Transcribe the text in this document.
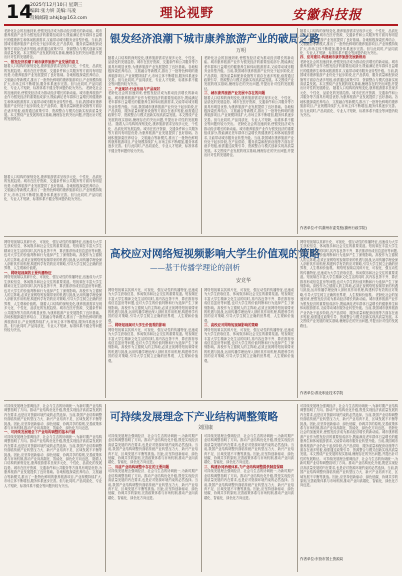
14
2025年12月10日 星期三
编辑:张力妍 美编:马凌
投稿邮箱:ahkjb@163.com	理论视野	安徽科技报
银发经济浪潮下城市康养旅游产业的破局之路
万明
老龄化社会的加速到来,使银发经济成为推动经济增长的新动能。城市康养旅游产业作为银发经济的重要组成部分,既能满足老年群体日益增长的健康养生和休闲旅游需求,又能带动城市服务业转型升级。当前,我国城市康养旅游产业仍处于起步阶段,在产品供给、服务质量和配套设施等方面存在诸多短板,亟需通过政策引导、资源整合与模式创新实现高质量发展。本文围绕产业发展的现实基础,梳理存在的突出问题,并提出针对性的发展路径。
一、银发经济浪潮下城市康养旅游产业发展的意义
随着人口结构的深刻变化,康养旅游需求呈现多元化、个性化、品质化的发展趋势。城市在医疗资源、交通条件和公共服务等方面具有明显优势,为康养旅游产业发展提供了良好基础。各地积极探索医养结合、文旅融合等新模式,推出了一批特色鲜明的康养旅游项目,产业规模持续扩大,市场主体不断增加,服务体系逐步完善。但与此同时,产品同质化、专业人才短缺、标准体系不健全等问题仍较为突出。 老龄化社会的加速到来,使银发经济成为推动经济增长的新动能。城市康养旅游产业作为银发经济的重要组成部分,既能满足老年群体日益增长的健康养生和休闲旅游需求,又能带动城市服务业转型升级。当前,我国城市康养旅游产业仍处于起步阶段,在产品供给、服务质量和配套设施等方面存在诸多短板,亟需通过政策引导、资源整合与模式创新实现高质量发展。本文围绕产业发展的现实基础,梳理存在的突出问题,并提出针对性的发展路径。
随着人口结构的深刻变化,康养旅游需求呈现多元化、个性化、品质化的发展趋势。城市在医疗资源、交通条件和公共服务等方面具有明显优势,为康养旅游产业发展提供了良好基础。各地积极探索医养结合、文旅融合等新模式,推出了一批特色鲜明的康养旅游项目,产业规模持续扩大,市场主体不断增加,服务体系逐步完善。但与此同时,产品同质化、专业人才短缺、标准体系不健全等问题仍较为突出。
随着人口结构的深刻变化,康养旅游需求呈现多元化、个性化、品质化的发展趋势。城市在医疗资源、交通条件和公共服务等方面具有明显优势,为康养旅游产业发展提供了良好基础。各地积极探索医养结合、文旅融合等新模式,推出了一批特色鲜明的康养旅游项目,产业规模持续扩大,市场主体不断增加,服务体系逐步完善。但与此同时,产品同质化、专业人才短缺、标准体系不健全等问题仍较为突出。
二、产业现状:行业布局与产品现状
老龄化社会的加速到来,使银发经济成为推动经济增长的新动能。城市康养旅游产业作为银发经济的重要组成部分,既能满足老年群体日益增长的健康养生和休闲旅游需求,又能带动城市服务业转型升级。当前,我国城市康养旅游产业仍处于起步阶段,在产品供给、服务质量和配套设施等方面存在诸多短板,亟需通过政策引导、资源整合与模式创新实现高质量发展。本文围绕产业发展的现实基础,梳理存在的突出问题,并提出针对性的发展路径。 随着人口结构的深刻变化,康养旅游需求呈现多元化、个性化、品质化的发展趋势。城市在医疗资源、交通条件和公共服务等方面具有明显优势,为康养旅游产业发展提供了良好基础。各地积极探索医养结合、文旅融合等新模式,推出了一批特色鲜明的康养旅游项目,产业规模持续扩大,市场主体不断增加,服务体系逐步完善。但与此同时,产品同质化、专业人才短缺、标准体系不健全等问题仍较为突出。
老龄化社会的加速到来,使银发经济成为推动经济增长的新动能。城市康养旅游产业作为银发经济的重要组成部分,既能满足老年群体日益增长的健康养生和休闲旅游需求,又能带动城市服务业转型升级。当前,我国城市康养旅游产业仍处于起步阶段,在产品供给、服务质量和配套设施等方面存在诸多短板,亟需通过政策引导、资源整合与模式创新实现高质量发展。本文围绕产业发展的现实基础,梳理存在的突出问题,并提出针对性的发展路径。
三、城市康养旅游产业发展中存在的问题
随着人口结构的深刻变化,康养旅游需求呈现多元化、个性化、品质化的发展趋势。城市在医疗资源、交通条件和公共服务等方面具有明显优势,为康养旅游产业发展提供了良好基础。各地积极探索医养结合、文旅融合等新模式,推出了一批特色鲜明的康养旅游项目,产业规模持续扩大,市场主体不断增加,服务体系逐步完善。但与此同时,产品同质化、专业人才短缺、标准体系不健全等问题仍较为突出。 老龄化社会的加速到来,使银发经济成为推动经济增长的新动能。城市康养旅游产业作为银发经济的重要组成部分,既能满足老年群体日益增长的健康养生和休闲旅游需求,又能带动城市服务业转型升级。当前,我国城市康养旅游产业仍处于起步阶段,在产品供给、服务质量和配套设施等方面存在诸多短板,亟需通过政策引导、资源整合与模式创新实现高质量发展。本文围绕产业发展的现实基础,梳理存在的突出问题,并提出针对性的发展路径。
随着人口结构的深刻变化,康养旅游需求呈现多元化、个性化、品质化的发展趋势。城市在医疗资源、交通条件和公共服务等方面具有明显优势,为康养旅游产业发展提供了良好基础。各地积极探索医养结合、文旅融合等新模式,推出了一批特色鲜明的康养旅游项目,产业规模持续扩大,市场主体不断增加,服务体系逐步完善。但与此同时,产品同质化、专业人才短缺、标准体系不健全等问题仍较为突出。
四、应对建议:构建城市康养旅游发展新格局
老龄化社会的加速到来,使银发经济成为推动经济增长的新动能。城市康养旅游产业作为银发经济的重要组成部分,既能满足老年群体日益增长的健康养生和休闲旅游需求,又能带动城市服务业转型升级。当前,我国城市康养旅游产业仍处于起步阶段,在产品供给、服务质量和配套设施等方面存在诸多短板,亟需通过政策引导、资源整合与模式创新实现高质量发展。本文围绕产业发展的现实基础,梳理存在的突出问题,并提出针对性的发展路径。 随着人口结构的深刻变化,康养旅游需求呈现多元化、个性化、品质化的发展趋势。城市在医疗资源、交通条件和公共服务等方面具有明显优势,为康养旅游产业发展提供了良好基础。各地积极探索医养结合、文旅融合等新模式,推出了一批特色鲜明的康养旅游项目,产业规模持续扩大,市场主体不断增加,服务体系逐步完善。但与此同时,产品同质化、专业人才短缺、标准体系不健全等问题仍较为突出。
作者单位:中共滁州市委党校(滁州行政学院)
高校应对网络短视频影响大学生价值观的策略
——基于传播学理论的剖析
安竞华
网络短视频以其碎片化、可视化、强互动性的传播特征,迅速成为大学生获取信息、休闲娱乐和社会交往的重要渠道。短视频在丰富大学生精神文化生活的同时,其内容良莠不齐、算法推荐形成信息茧房等问题,也对大学生的价值判断和行为选择产生了深刻影响。高校作为立德树人的主阵地,必须正视网络短视频带来的机遇与挑战,运用传播学理论深入剖析其作用机理,构建科学有效的应对策略,引导大学生树立正确的世界观、人生观和价值观。
一、网络短视频的主要传播特征
网络短视频以其碎片化、可视化、强互动性的传播特征,迅速成为大学生获取信息、休闲娱乐和社会交往的重要渠道。短视频在丰富大学生精神文化生活的同时,其内容良莠不齐、算法推荐形成信息茧房等问题,也对大学生的价值判断和行为选择产生了深刻影响。高校作为立德树人的主阵地,必须正视网络短视频带来的机遇与挑战,运用传播学理论深入剖析其作用机理,构建科学有效的应对策略,引导大学生树立正确的世界观、人生观和价值观。 随着人口结构的深刻变化,康养旅游需求呈现多元化、个性化、品质化的发展趋势。城市在医疗资源、交通条件和公共服务等方面具有明显优势,为康养旅游产业发展提供了良好基础。各地积极探索医养结合、文旅融合等新模式,推出了一批特色鲜明的康养旅游项目,产业规模持续扩大,市场主体不断增加,服务体系逐步完善。但与此同时,产品同质化、专业人才短缺、标准体系不健全等问题仍较为突出。
网络短视频以其碎片化、可视化、强互动性的传播特征,迅速成为大学生获取信息、休闲娱乐和社会交往的重要渠道。短视频在丰富大学生精神文化生活的同时,其内容良莠不齐、算法推荐形成信息茧房等问题,也对大学生的价值判断和行为选择产生了深刻影响。高校作为立德树人的主阵地,必须正视网络短视频带来的机遇与挑战,运用传播学理论深入剖析其作用机理,构建科学有效的应对策略,引导大学生树立正确的世界观、人生观和价值观。
二、网络短视频对大学生价值观的影响
网络短视频以其碎片化、可视化、强互动性的传播特征,迅速成为大学生获取信息、休闲娱乐和社会交往的重要渠道。短视频在丰富大学生精神文化生活的同时,其内容良莠不齐、算法推荐形成信息茧房等问题,也对大学生的价值判断和行为选择产生了深刻影响。高校作为立德树人的主阵地,必须正视网络短视频带来的机遇与挑战,运用传播学理论深入剖析其作用机理,构建科学有效的应对策略,引导大学生树立正确的世界观、人生观和价值观。
网络短视频以其碎片化、可视化、强互动性的传播特征,迅速成为大学生获取信息、休闲娱乐和社会交往的重要渠道。短视频在丰富大学生精神文化生活的同时,其内容良莠不齐、算法推荐形成信息茧房等问题,也对大学生的价值判断和行为选择产生了深刻影响。高校作为立德树人的主阵地,必须正视网络短视频带来的机遇与挑战,运用传播学理论深入剖析其作用机理,构建科学有效的应对策略,引导大学生树立正确的世界观、人生观和价值观。
三、高校应对网络短视频影响的策略
网络短视频以其碎片化、可视化、强互动性的传播特征,迅速成为大学生获取信息、休闲娱乐和社会交往的重要渠道。短视频在丰富大学生精神文化生活的同时,其内容良莠不齐、算法推荐形成信息茧房等问题,也对大学生的价值判断和行为选择产生了深刻影响。高校作为立德树人的主阵地,必须正视网络短视频带来的机遇与挑战,运用传播学理论深入剖析其作用机理,构建科学有效的应对策略,引导大学生树立正确的世界观、人生观和价值观。
网络短视频以其碎片化、可视化、强互动性的传播特征,迅速成为大学生获取信息、休闲娱乐和社会交往的重要渠道。短视频在丰富大学生精神文化生活的同时,其内容良莠不齐、算法推荐形成信息茧房等问题,也对大学生的价值判断和行为选择产生了深刻影响。高校作为立德树人的主阵地,必须正视网络短视频带来的机遇与挑战,运用传播学理论深入剖析其作用机理,构建科学有效的应对策略,引导大学生树立正确的世界观、人生观和价值观。 网络短视频以其碎片化、可视化、强互动性的传播特征,迅速成为大学生获取信息、休闲娱乐和社会交往的重要渠道。短视频在丰富大学生精神文化生活的同时,其内容良莠不齐、算法推荐形成信息茧房等问题,也对大学生的价值判断和行为选择产生了深刻影响。高校作为立德树人的主阵地,必须正视网络短视频带来的机遇与挑战,运用传播学理论深入剖析其作用机理,构建科学有效的应对策略,引导大学生树立正确的世界观、人生观和价值观。 老龄化社会的加速到来,使银发经济成为推动经济增长的新动能。城市康养旅游产业作为银发经济的重要组成部分,既能满足老年群体日益增长的健康养生和休闲旅游需求,又能带动城市服务业转型升级。当前,我国城市康养旅游产业仍处于起步阶段,在产品供给、服务质量和配套设施等方面存在诸多短板,亟需通过政策引导、资源整合与模式创新实现高质量发展。本文围绕产业发展的现实基础,梳理存在的突出问题,并提出针对性的发展路径。
作者单位:淮北职业技术学院
可持续发展理念下产业结构调整策略
刘国康
可持续发展理念强调经济、社会与生态的协调统一,为新时期产业结构调整指明了方向。推动产业结构优化升级,既是实现经济高质量发展的内在要求,也是应对资源环境约束的必然选择。当前,我国产业结构调整仍面临传统产业转型压力大、新兴产业培育不足、区域发展不平衡等挑战。因此,应坚持创新驱动、绿色低碳、协调共享的原则,完善政策体系与市场机制,推动产业向高端化、智能化、绿色化方向迈进。
一、可持续发展理念下产业结构调整的基本内涵
可持续发展理念强调经济、社会与生态的协调统一,为新时期产业结构调整指明了方向。推动产业结构优化升级,既是实现经济高质量发展的内在要求,也是应对资源环境约束的必然选择。当前,我国产业结构调整仍面临传统产业转型压力大、新兴产业培育不足、区域发展不平衡等挑战。因此,应坚持创新驱动、绿色低碳、协调共享的原则,完善政策体系与市场机制,推动产业向高端化、智能化、绿色化方向迈进。 随着人口结构的深刻变化,康养旅游需求呈现多元化、个性化、品质化的发展趋势。城市在医疗资源、交通条件和公共服务等方面具有明显优势,为康养旅游产业发展提供了良好基础。各地积极探索医养结合、文旅融合等新模式,推出了一批特色鲜明的康养旅游项目,产业规模持续扩大,市场主体不断增加,服务体系逐步完善。但与此同时,产品同质化、专业人才短缺、标准体系不健全等问题仍较为突出。
可持续发展理念强调经济、社会与生态的协调统一,为新时期产业结构调整指明了方向。推动产业结构优化升级,既是实现经济高质量发展的内在要求,也是应对资源环境约束的必然选择。当前,我国产业结构调整仍面临传统产业转型压力大、新兴产业培育不足、区域发展不平衡等挑战。因此,应坚持创新驱动、绿色低碳、协调共享的原则,完善政策体系与市场机制,推动产业向高端化、智能化、绿色化方向迈进。
二、当前产业结构调整中存在的主要问题
可持续发展理念强调经济、社会与生态的协调统一,为新时期产业结构调整指明了方向。推动产业结构优化升级,既是实现经济高质量发展的内在要求,也是应对资源环境约束的必然选择。当前,我国产业结构调整仍面临传统产业转型压力大、新兴产业培育不足、区域发展不平衡等挑战。因此,应坚持创新驱动、绿色低碳、协调共享的原则,完善政策体系与市场机制,推动产业向高端化、智能化、绿色化方向迈进。
可持续发展理念强调经济、社会与生态的协调统一,为新时期产业结构调整指明了方向。推动产业结构优化升级,既是实现经济高质量发展的内在要求,也是应对资源环境约束的必然选择。当前,我国产业结构调整仍面临传统产业转型压力大、新兴产业培育不足、区域发展不平衡等挑战。因此,应坚持创新驱动、绿色低碳、协调共享的原则,完善政策体系与市场机制,推动产业向高端化、智能化、绿色化方向迈进。
三、构建协同治理体系,为产业结构调整提供制度保障
可持续发展理念强调经济、社会与生态的协调统一,为新时期产业结构调整指明了方向。推动产业结构优化升级,既是实现经济高质量发展的内在要求,也是应对资源环境约束的必然选择。当前,我国产业结构调整仍面临传统产业转型压力大、新兴产业培育不足、区域发展不平衡等挑战。因此,应坚持创新驱动、绿色低碳、协调共享的原则,完善政策体系与市场机制,推动产业向高端化、智能化、绿色化方向迈进。
可持续发展理念强调经济、社会与生态的协调统一,为新时期产业结构调整指明了方向。推动产业结构优化升级,既是实现经济高质量发展的内在要求,也是应对资源环境约束的必然选择。当前,我国产业结构调整仍面临传统产业转型压力大、新兴产业培育不足、区域发展不平衡等挑战。因此,应坚持创新驱动、绿色低碳、协调共享的原则,完善政策体系与市场机制,推动产业向高端化、智能化、绿色化方向迈进。 老龄化社会的加速到来,使银发经济成为推动经济增长的新动能。城市康养旅游产业作为银发经济的重要组成部分,既能满足老年群体日益增长的健康养生和休闲旅游需求,又能带动城市服务业转型升级。当前,我国城市康养旅游产业仍处于起步阶段,在产品供给、服务质量和配套设施等方面存在诸多短板,亟需通过政策引导、资源整合与模式创新实现高质量发展。本文围绕产业发展的现实基础,梳理存在的突出问题,并提出针对性的发展路径。 可持续发展理念强调经济、社会与生态的协调统一,为新时期产业结构调整指明了方向。推动产业结构优化升级,既是实现经济高质量发展的内在要求,也是应对资源环境约束的必然选择。当前,我国产业结构调整仍面临传统产业转型压力大、新兴产业培育不足、区域发展不平衡等挑战。因此,应坚持创新驱动、绿色低碳、协调共享的原则,完善政策体系与市场机制,推动产业向高端化、智能化、绿色化方向迈进。
作者单位:东营市国土资源局
